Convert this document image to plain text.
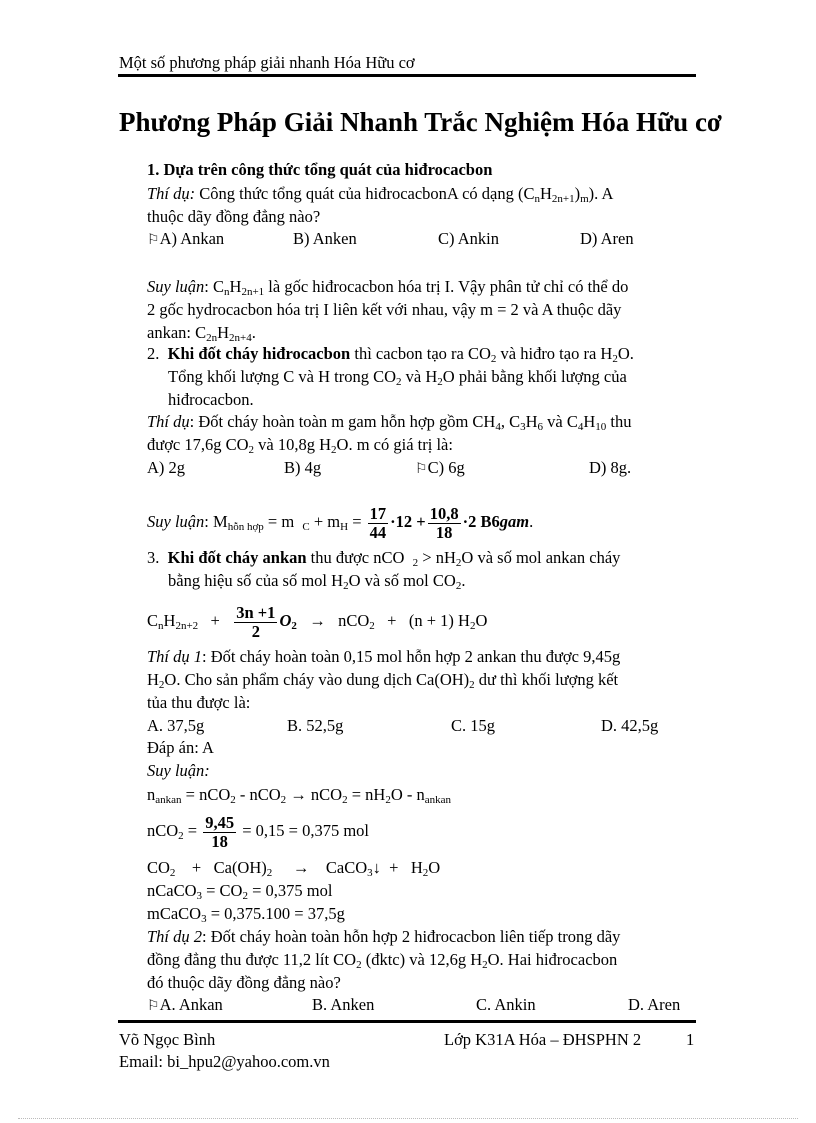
Một số phương pháp giải nhanh Hóa Hữu cơ
Phương Pháp Giải Nhanh Trắc Nghiệm Hóa Hữu cơ
1. Dựa trên công thức tổng quát của hiđrocacbon
Thí dụ: Công thức tổng quát của hiđrocacbonA có dạng $(C_nH_{2n+1})_m$). A
thuộc dãy đồng đẳng nào?
⚐A) Ankan	B) Anken	C) Ankin	D) Aren
Suy luận: $C_nH_{2n+1}$ là gốc hiđrocacbon hóa trị I. Vậy phân tử chỉ có thể do
2 gốc hydrocacbon hóa trị I liên kết với nhau, vậy m = 2 và A thuộc dãy
ankan: $C_{2n}H_{2n+4}$.
2. Khi đốt cháy hiđrocacbon thì cacbon tạo ra $CO_2$ và hiđro tạo ra $H_2O$.
Tổng khối lượng C và H trong $CO_2$ và $H_2O$ phải bằng khối lượng của
hiđrocacbon.
Thí dụ: Đốt cháy hoàn toàn m gam hỗn hợp gồm $CH_4$, $C_3H_6$ và $C_4H_{10}$ thu
được 17,6g $CO_2$ và 10,8g $H_2O$. m có giá trị là:
A) 2g	B) 4g	⚐C) 6g	D) 8g.
Suy luận: $M_{hỗn hợp} = m$ $_C + m_H = \frac{17}{44} \cdot 12 + \frac{10,8}{18} \cdot 2$ B6gam.
3. Khi đốt cháy ankan thu được nCO $_2 > nH_2O$ và số mol ankan cháy
bằng hiệu số của số mol $H_2O$ và số mol $CO_2$.
$C_nH_{2n+2} + \frac{3n +1}{2} O_2 \to nCO_2 + (n + 1)$ $H_2O$
Thí dụ 1: Đốt cháy hoàn toàn 0,15 mol hỗn hợp 2 ankan thu được 9,45g
$H_2O$. Cho sản phẩm cháy vào dung dịch $Ca(OH)_2$ dư thì khối lượng kết
tủa thu được là:
A. 37,5g	B. 52,5g	C. 15g	D. 42,5g
Đáp án: A
Suy luận:
$n_{ankan} = nCO_2 - nCO_2 \to nCO_2 = nH_2O - n_{ankan}$
$nCO_2 = \frac{9,45}{18} = 0,15 = 0,375$ mol
$CO_2 + Ca(OH)_2$ → CaCO$_3$↓ + $H_2O$
nCaCO$_3$ = $CO_2 = 0,375$ mol
mCaCO$_3$ = 0,375.100 = 37,5g
Thí dụ 2: Đốt cháy hoàn toàn hỗn hợp 2 hiđrocacbon liên tiếp trong dãy
đồng đẳng thu được 11,2 lít $CO_2$ (đktc) và 12,6g $H_2O$. Hai hiđrocacbon
đó thuộc dãy đồng đẳng nào?
⚐A. Ankan	B. Anken	C. Ankin	D. Aren
Võ Ngọc Bình	Lớp K31A Hóa – ĐHSPHN 2	1
Email: bi_hpu2@yahoo.com.vn
